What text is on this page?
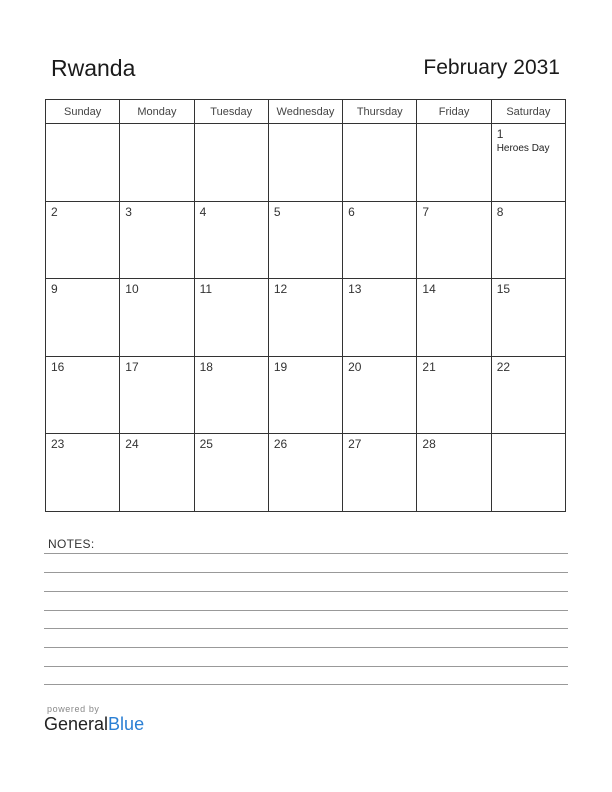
Rwanda	February 2031
Sunday	Monday	Tuesday	Wednesday	Thursday	Friday	Saturday

						1
Heroes Day

2	3	4	5	6	7	8

9	10	11	12	13	14	15

16	17	18	19	20	21	22

23	24	25	26	27	28	

NOTES:
powered by
GeneralBlue
